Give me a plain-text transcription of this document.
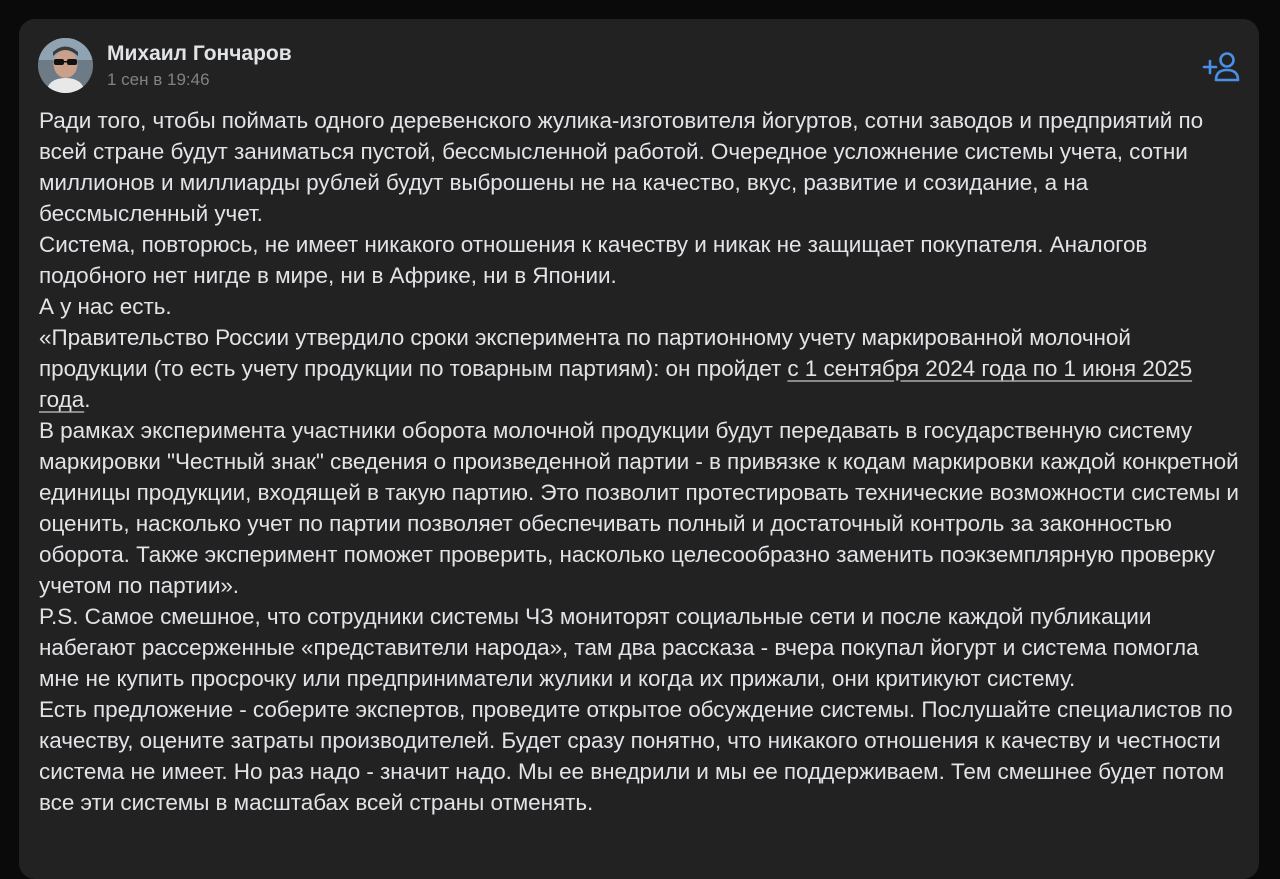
Михаил Гончаров
1 сен в 19:46

Ради того, чтобы поймать одного деревенского жулика-изготовителя йогуртов, сотни заводов и предприятий по всей стране будут заниматься пустой, бессмысленной работой. Очередное усложнение системы учета, сотни миллионов и миллиарды рублей будут выброшены не на качество, вкус, развитие и созидание, а на бессмысленный учет.

Система, повторюсь, не имеет никакого отношения к качеству и никак не защищает покупателя. Аналогов подобного нет нигде в мире, ни в Африке, ни в Японии.

А у нас есть.

«Правительство России утвердило сроки эксперимента по партионному учету маркированной молочной продукции (то есть учету продукции по товарным партиям): он пройдет с 1 сентября 2024 года по 1 июня 2025 года.

В рамках эксперимента участники оборота молочной продукции будут передавать в государственную систему маркировки "Честный знак" сведения о произведенной партии - в привязке к кодам маркировки каждой конкретной единицы продукции, входящей в такую партию. Это позволит протестировать технические возможности системы и оценить, насколько учет по партии позволяет обеспечивать полный и достаточный контроль за законностью оборота. Также эксперимент поможет проверить, насколько целесообразно заменить поэкземплярную проверку учетом по партии».

P.S. Самое смешное, что сотрудники системы ЧЗ мониторят социальные сети и после каждой публикации набегают рассерженные «представители народа», там два рассказа - вчера покупал йогурт и система помогла мне не купить просрочку или предприниматели жулики и когда их прижали, они критикуют систему.

Есть предложение - соберите экспертов, проведите открытое обсуждение системы. Послушайте специалистов по качеству, оцените затраты производителей. Будет сразу понятно, что никакого отношения к качеству и честности система не имеет. Но раз надо - значит надо. Мы ее внедрили и мы ее поддерживаем. Тем смешнее будет потом все эти системы в масштабах всей страны отменять.
